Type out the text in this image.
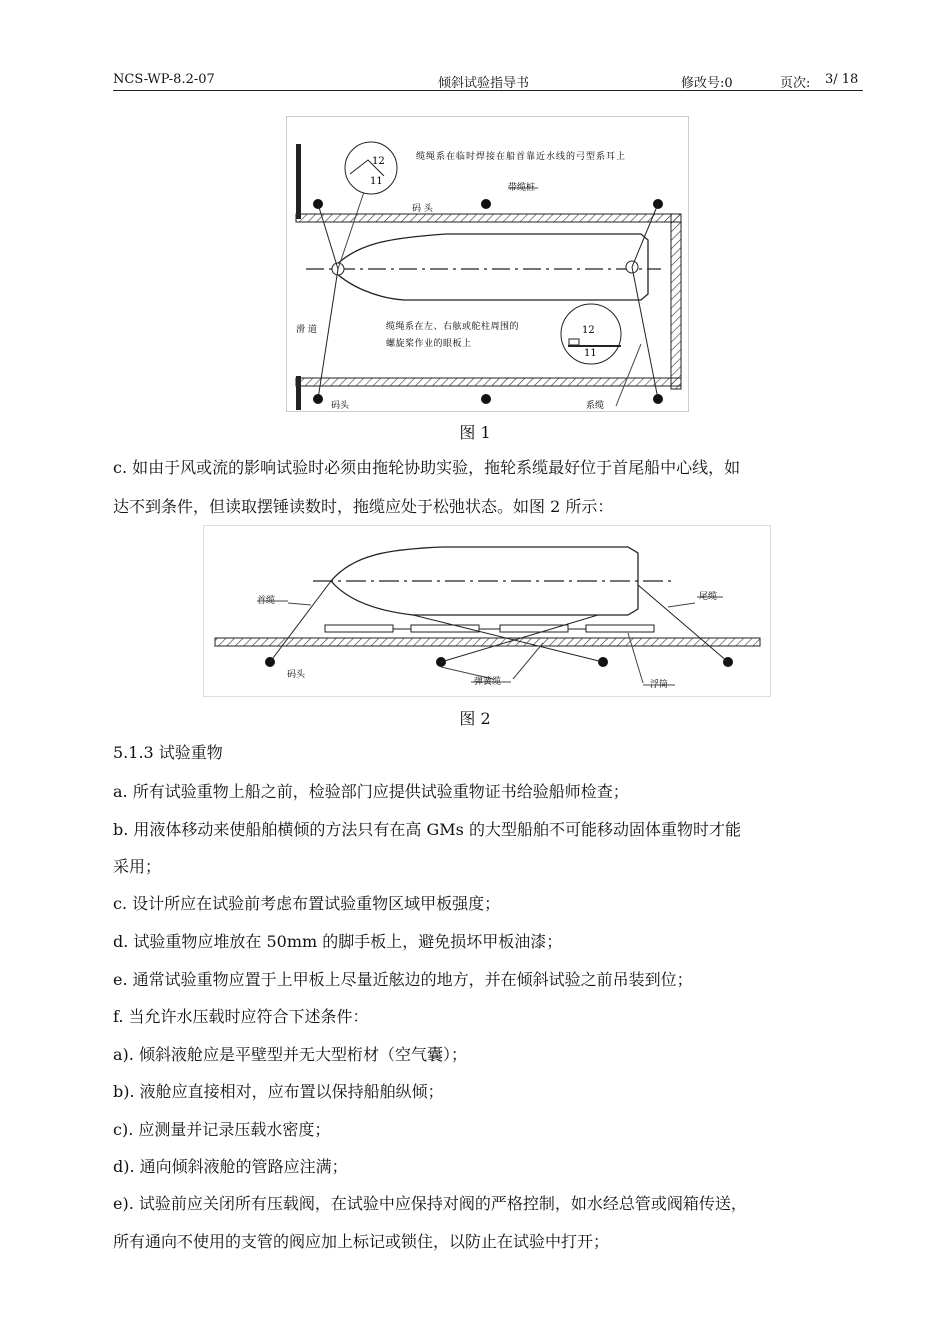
NCS-WP-8.2-07	倾斜试验指导书	修改号:0	页次: 3/ 18
12
11
12
11
缆绳系在临时焊接在船首靠近水线的弓型系耳上
带缆桩
码 头
滑 道	缆绳系在左、右舷或舵柱周围的
螺旋桨作业的眼板上
码头	系缆
图 1
c. 如由于风或流的影响试验时必须由拖轮协助实验，拖轮系缆最好位于首尾船中心线，如
达不到条件，但读取摆锤读数时，拖缆应处于松弛状态。如图 2 所示：
首缆	尾缆
码头
弹簧缆	浮筒
图 2
5.1.3 试验重物
a. 所有试验重物上船之前，检验部门应提供试验重物证书给验船师检查；
b. 用液体移动来使船舶横倾的方法只有在高 GMs 的大型船舶不可能移动固体重物时才能
采用；
c. 设计所应在试验前考虑布置试验重物区域甲板强度；
d. 试验重物应堆放在 50mm 的脚手板上，避免损坏甲板油漆；
e. 通常试验重物应置于上甲板上尽量近舷边的地方，并在倾斜试验之前吊装到位；
f. 当允许水压载时应符合下述条件：
a). 倾斜液舱应是平壁型并无大型桁材（空气囊）；
b). 液舱应直接相对，应布置以保持船舶纵倾；
c). 应测量并记录压载水密度；
d). 通向倾斜液舱的管路应注满；
e). 试验前应关闭所有压载阀，在试验中应保持对阀的严格控制，如水经总管或阀箱传送，
所有通向不使用的支管的阀应加上标记或锁住，以防止在试验中打开；
